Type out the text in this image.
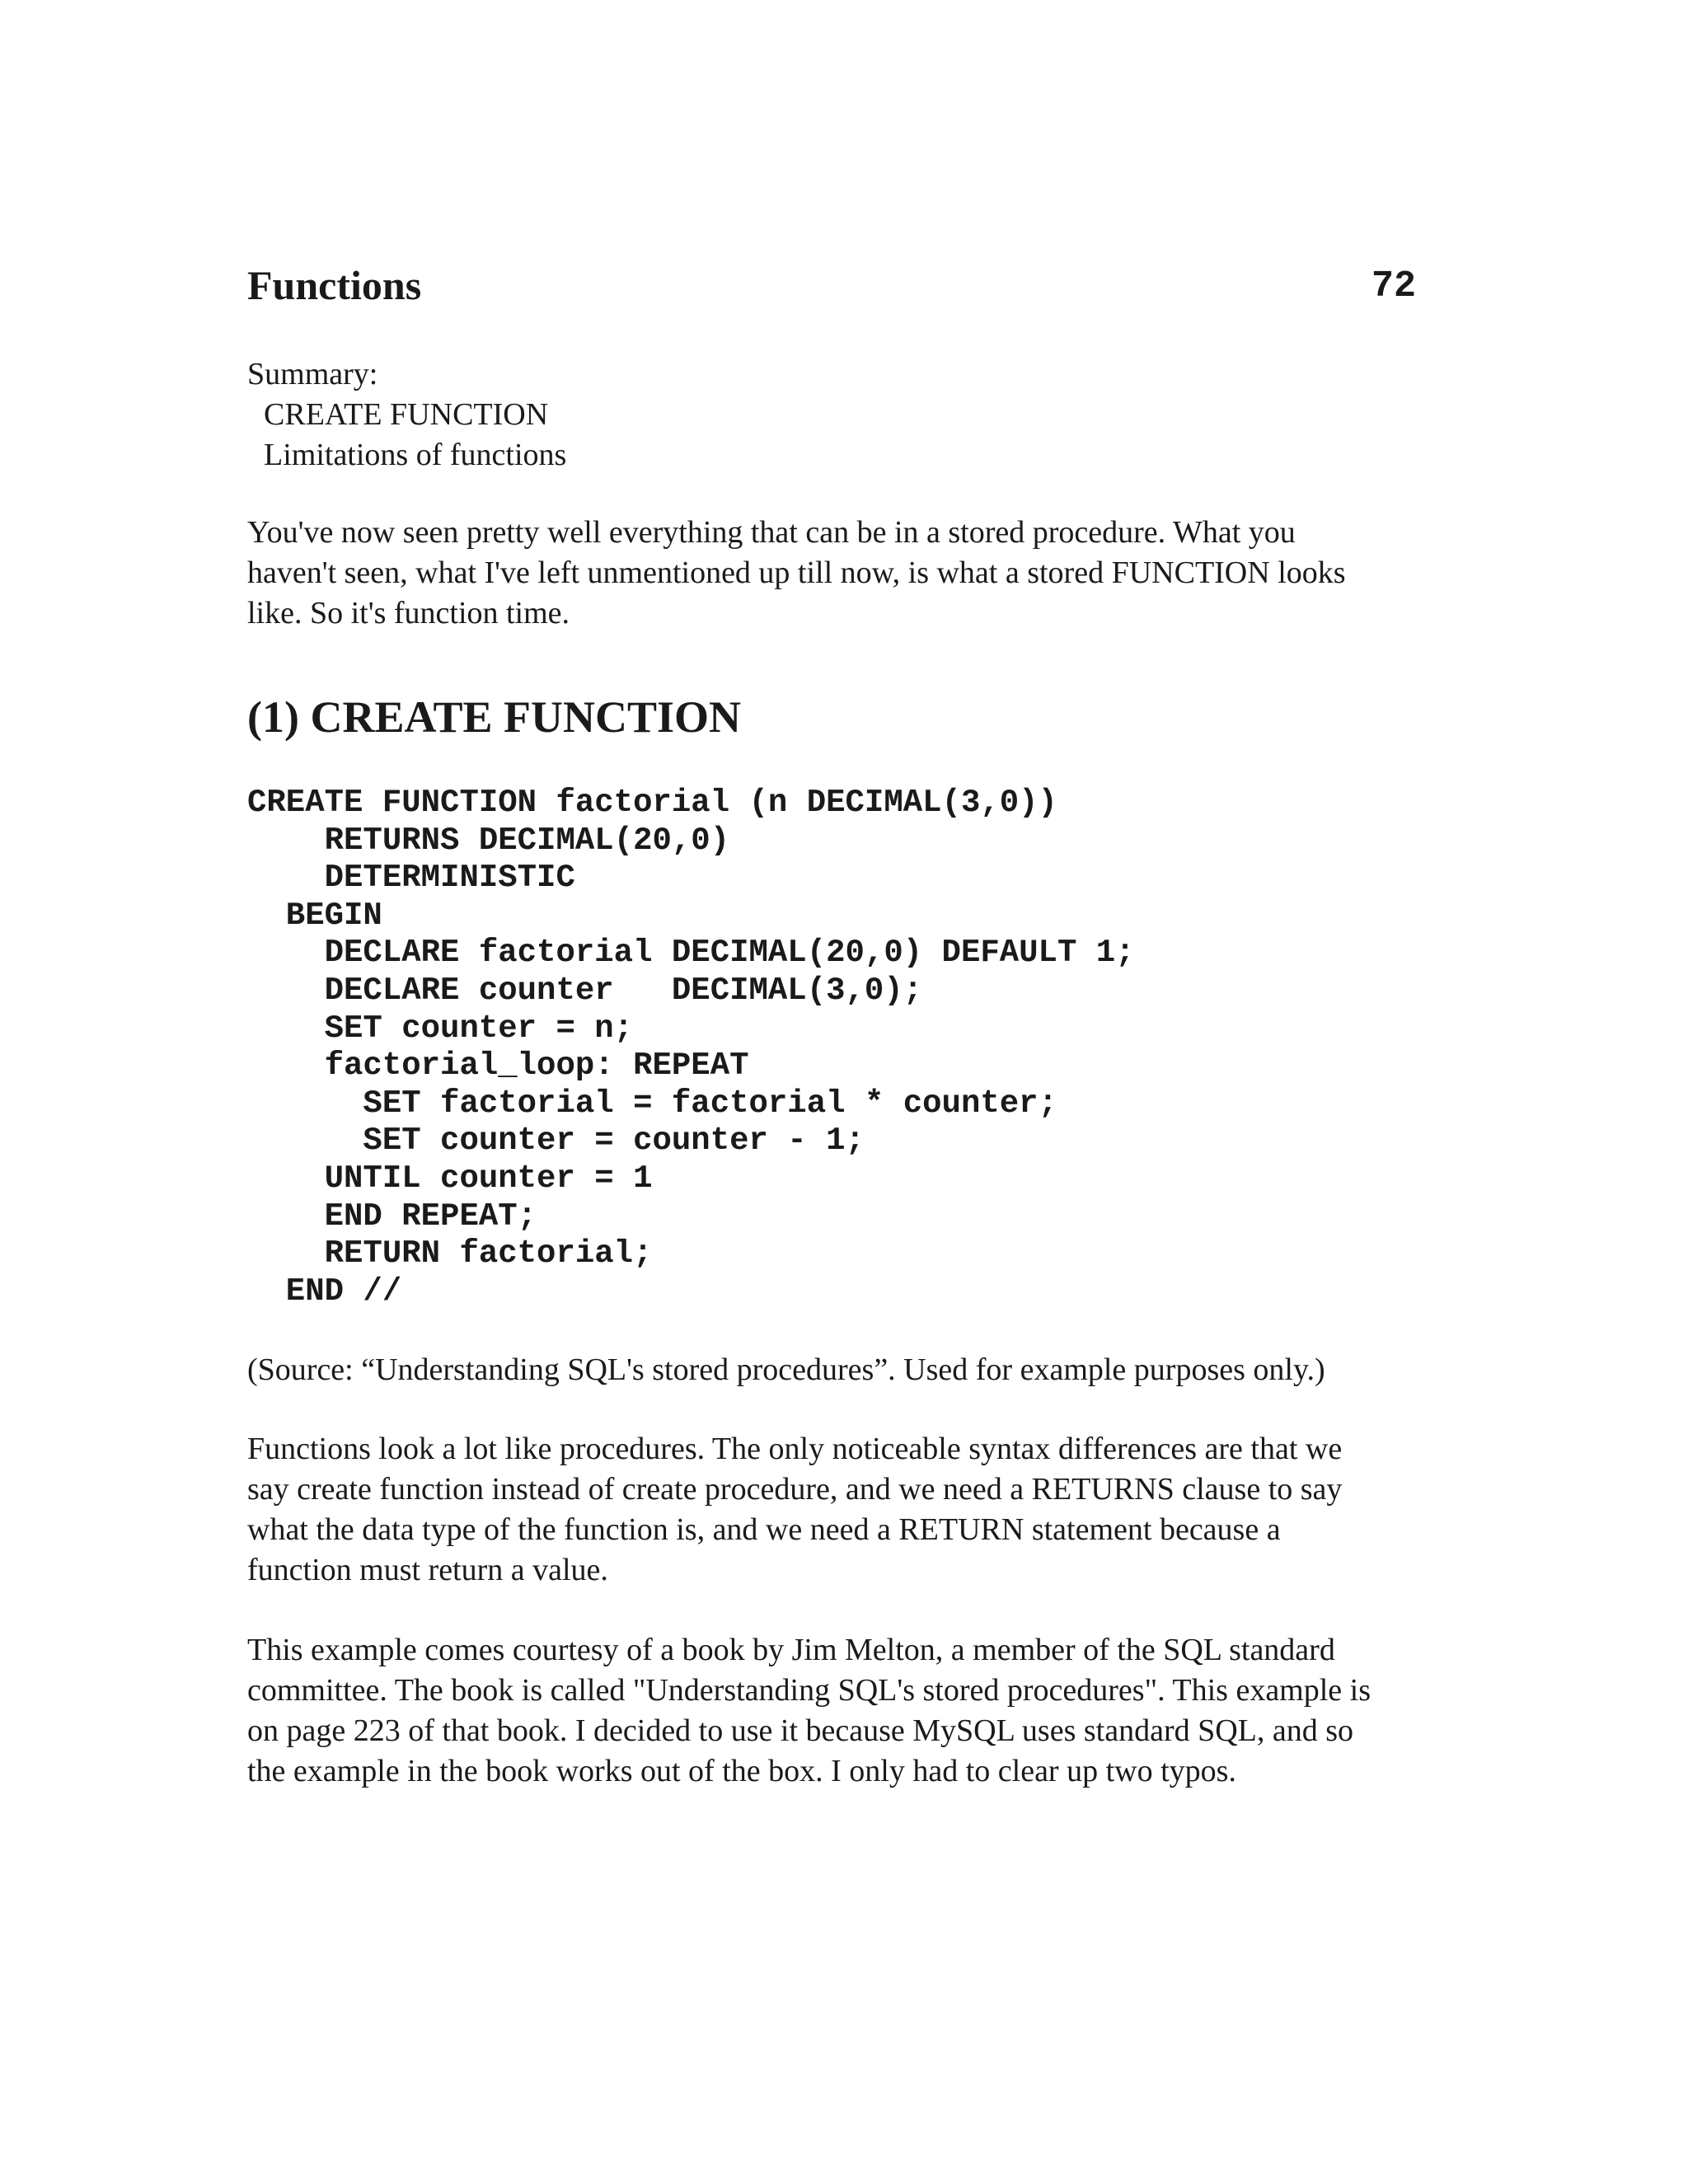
Functions	72
Summary:
CREATE FUNCTION
Limitations of functions
You've now seen pretty well everything that can be in a stored procedure. What you
haven't seen, what I've left unmentioned up till now, is what a stored FUNCTION looks
like. So it's function time.
(1) CREATE FUNCTION
CREATE FUNCTION factorial (n DECIMAL(3,0))
RETURNS DECIMAL(20,0)
DETERMINISTIC
BEGIN
DECLARE factorial DECIMAL(20,0) DEFAULT 1;
DECLARE counter   DECIMAL(3,0);
SET counter = n;
factorial_loop: REPEAT
SET factorial = factorial * counter;
SET counter = counter - 1;
UNTIL counter = 1
END REPEAT;
RETURN factorial;
END //
(Source: “Understanding SQL's stored procedures”. Used for example purposes only.)
Functions look a lot like procedures. The only noticeable syntax differences are that we
say create function instead of create procedure, and we need a RETURNS clause to say
what the data type of the function is, and we need a RETURN statement because a
function must return a value.
This example comes courtesy of a book by Jim Melton, a member of the SQL standard
committee. The book is called "Understanding SQL's stored procedures". This example is
on page 223 of that book. I decided to use it because MySQL uses standard SQL, and so
the example in the book works out of the box. I only had to clear up two typos.
